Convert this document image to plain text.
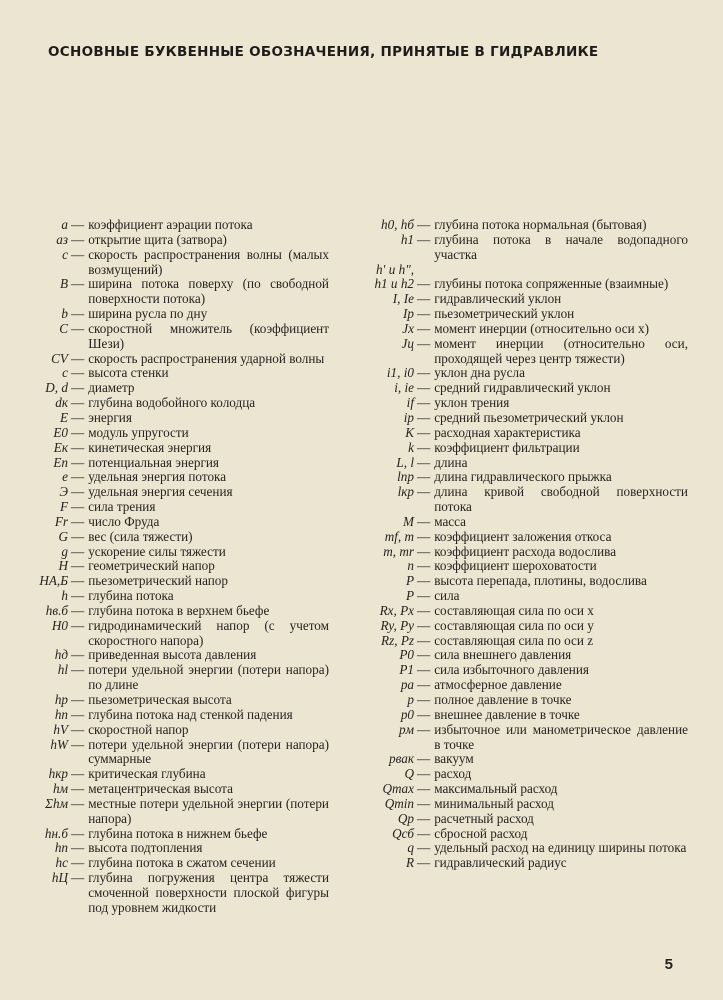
ОСНОВНЫЕ БУКВЕННЫЕ ОБОЗНАЧЕНИЯ, ПРИНЯТЫЕ В ГИДРАВЛИКЕ
a — коэффициент аэрации потока
aз — открытие щита (затвора)
c — скорость распространения волны (малых возмущений)
B — ширина потока поверху (по свободной поверхности потока)
b — ширина русла по дну
C — скоростной множитель (коэффициент Шези)
CV — скорость распространения ударной волны
c — высота стенки
D, d — диаметр
dк — глубина водобойного колодца
E — энергия
E0 — модуль упругости
Eк — кинетическая энергия
Eп — потенциальная энергия
e — удельная энергия потока
Э — удельная энергия сечения
F — сила трения
Fr — число Фруда
G — вес (сила тяжести)
g — ускорение силы тяжести
H — геометрический напор
HА,Б — пьезометрический напор
h — глубина потока
hв.б — глубина потока в верхнем бьефе
H0 — гидродинамический напор (с учетом скоростного напора)
hд — приведенная высота давления
hl — потери удельной энергии (потери напора) по длине
hp — пьезометрическая высота
hп — глубина потока над стенкой падения
hV — скоростной напор
hW — потери удельной энергии (потери напора) суммарные
hкр — критическая глубина
hм — метацентрическая высота
Σhм — местные потери удельной энергии (потери напора)
hн.б — глубина потока в нижнем бьефе
hп — высота подтопления
hс — глубина потока в сжатом сечении
hЦ — глубина погружения центра тяжести смоченной поверхности плоской фигуры под уровнем жидкости
h0, hб — глубина потока нормальная (бытовая)
h1 — глубина потока в начале водопадного участка
h′ и h″,
h1 и h2 — глубины потока сопряженные (взаимные)
I, Ie — гидравлический уклон
Ip — пьезометрический уклон
Jx — момент инерции (относительно оси x)
Jц — момент инерции (относительно оси, проходящей через центр тяжести)
i1, i0 — уклон дна русла
i, ie — средний гидравлический уклон
if — уклон трения
ip — средний пьезометрический уклон
K — расходная характеристика
k — коэффициент фильтрации
L, l — длина
lпр — длина гидравлического прыжка
lкр — длина кривой свободной поверхности потока
M — масса
mf, m — коэффициент заложения откоса
m, mr — коэффициент расхода водослива
n — коэффициент шероховатости
P — высота перепада, плотины, водослива
P — сила
Rx, Px — составляющая сила по оси x
Ry, Py — составляющая сила по оси y
Rz, Pz — составляющая сила по оси z
P0 — сила внешнего давления
P1 — сила избыточного давления
pa — атмосферное давление
p — полное давление в точке
p0 — внешнее давление в точке
pм — избыточное или манометрическое давление в точке
pвак — вакуум
Q — расход
Qmax — максимальный расход
Qmin — минимальный расход
Qp — расчетный расход
Qсб — сбросной расход
q — удельный расход на единицу ширины потока
R — гидравлический радиус
5
